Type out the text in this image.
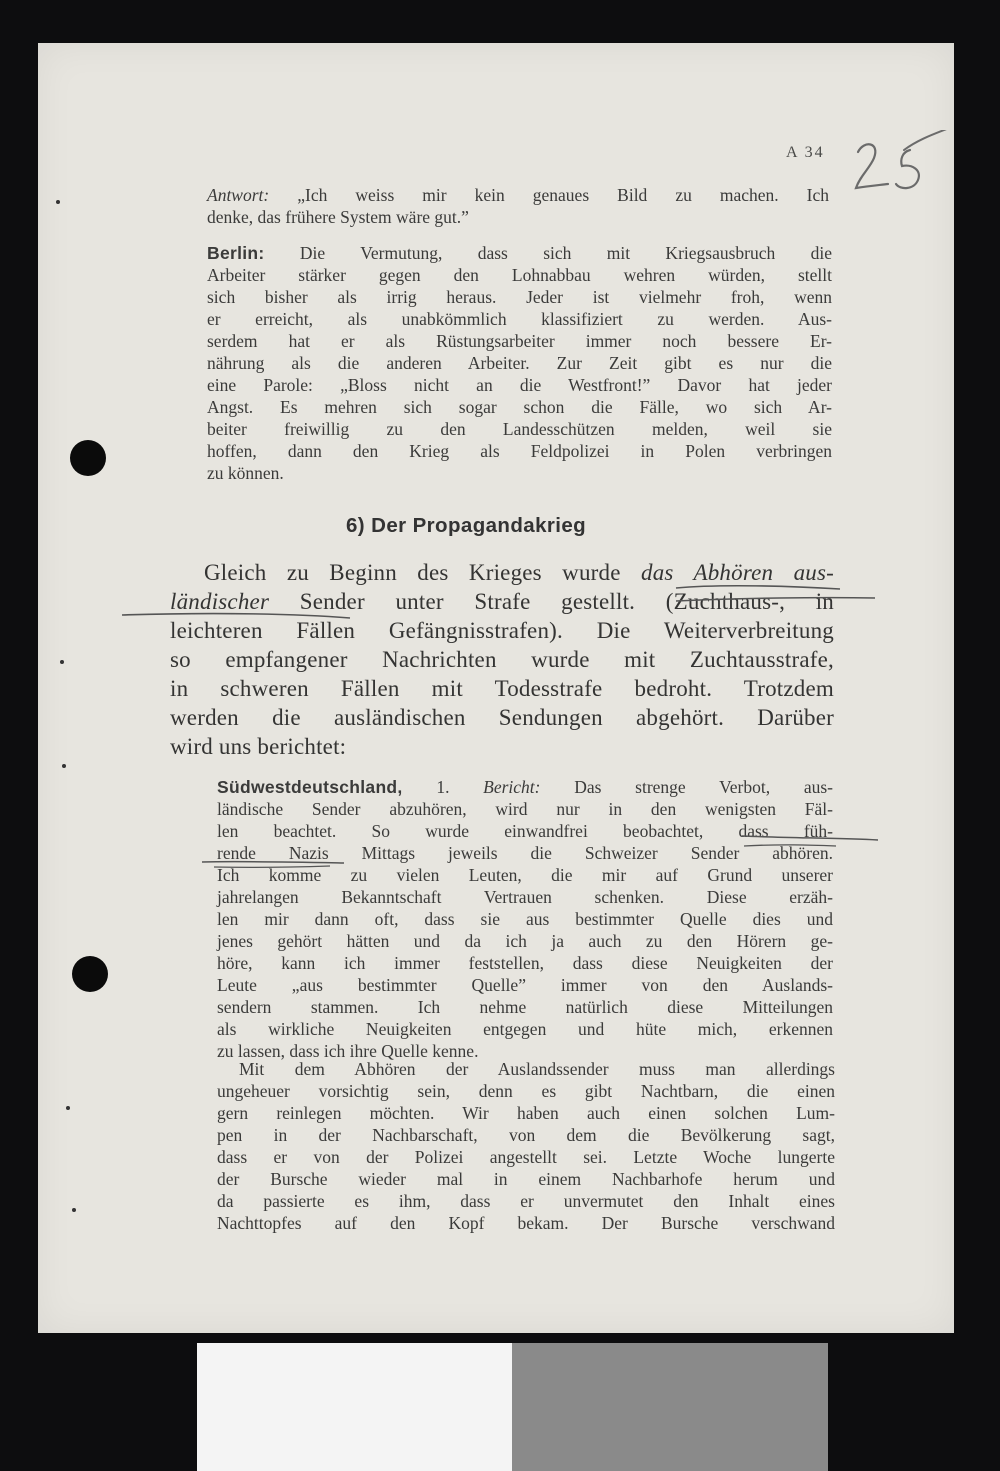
A 34
Antwort: „Ich weiss mir kein genaues Bild zu machen. Ich
denke, das frühere System wäre gut.”
Berlin: Die Vermutung, dass sich mit Kriegsausbruch die
Arbeiter stärker gegen den Lohnabbau wehren würden, stellt
sich bisher als irrig heraus. Jeder ist vielmehr froh, wenn
er erreicht, als unabkömmlich klassifiziert zu werden. Aus-
serdem hat er als Rüstungsarbeiter immer noch bessere Er-
nährung als die anderen Arbeiter. Zur Zeit gibt es nur die
eine Parole: „Bloss nicht an die Westfront!” Davor hat jeder
Angst. Es mehren sich sogar schon die Fälle, wo sich Ar-
beiter freiwillig zu den Landesschützen melden, weil sie
hoffen, dann den Krieg als Feldpolizei in Polen verbringen
zu können.
6) Der Propagandakrieg
Gleich zu Beginn des Krieges wurde das Abhören aus-
ländischer Sender unter Strafe gestellt. (Zuchthaus-, in
leichteren Fällen Gefängnisstrafen). Die Weiterverbreitung
so empfangener Nachrichten wurde mit Zuchtausstrafe,
in schweren Fällen mit Todesstrafe bedroht. Trotzdem
werden die ausländischen Sendungen abgehört. Darüber
wird uns berichtet:
Südwestdeutschland, 1. Bericht: Das strenge Verbot, aus-
ländische Sender abzuhören, wird nur in den wenigsten Fäl-
len beachtet. So wurde einwandfrei beobachtet, dass füh-
rende Nazis Mittags jeweils die Schweizer Sender abhören.
Ich komme zu vielen Leuten, die mir auf Grund unserer
jahrelangen Bekanntschaft Vertrauen schenken. Diese erzäh-
len mir dann oft, dass sie aus bestimmter Quelle dies und
jenes gehört hätten und da ich ja auch zu den Hörern ge-
höre, kann ich immer feststellen, dass diese Neuigkeiten der
Leute „aus bestimmter Quelle” immer von den Auslands-
sendern stammen. Ich nehme natürlich diese Mitteilungen
als wirkliche Neuigkeiten entgegen und hüte mich, erkennen
zu lassen, dass ich ihre Quelle kenne.
Mit dem Abhören der Auslandssender muss man allerdings
ungeheuer vorsichtig sein, denn es gibt Nachtbarn, die einen
gern reinlegen möchten. Wir haben auch einen solchen Lum-
pen in der Nachbarschaft, von dem die Bevölkerung sagt,
dass er von der Polizei angestellt sei. Letzte Woche lungerte
der Bursche wieder mal in einem Nachbarhofe herum und
da passierte es ihm, dass er unvermutet den Inhalt eines
Nachttopfes auf den Kopf bekam. Der Bursche verschwand
